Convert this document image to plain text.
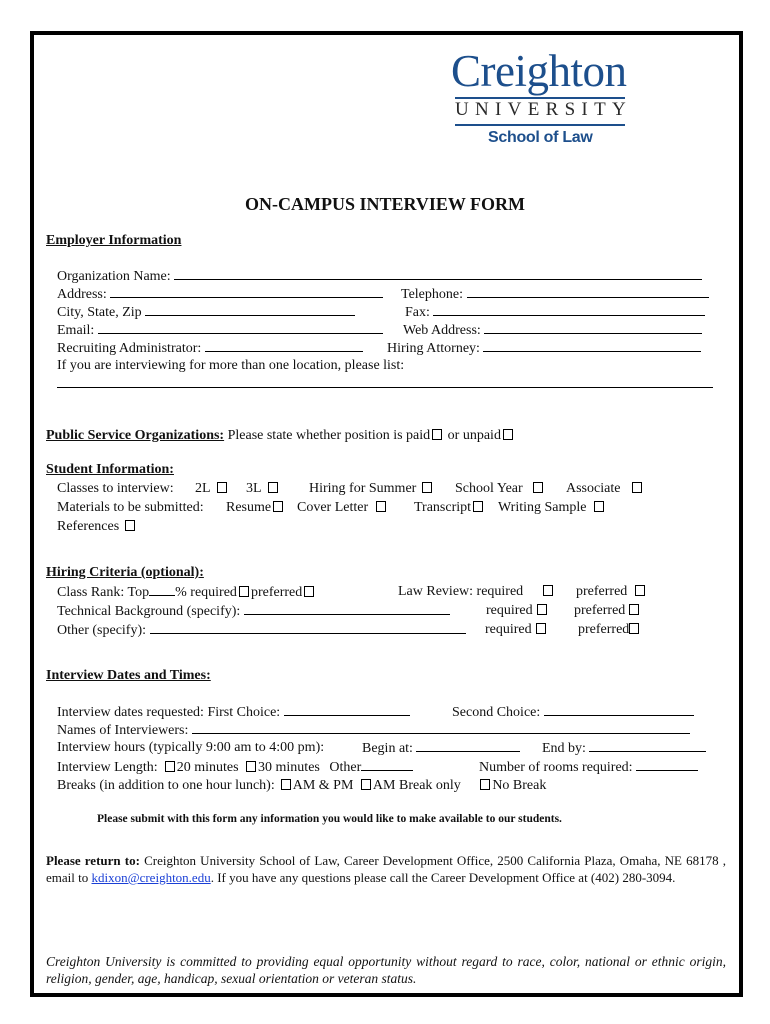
Creighton
UNIVERSITY
School of Law
ON-CAMPUS INTERVIEW FORM
Employer Information
Organization Name:
Address:	Telephone:
City, State, Zip	Fax:
Email:	Web Address:
Recruiting Administrator:	Hiring Attorney:
If you are interviewing for more than one location, please list:
Public Service Organizations: Please state whether position is paid or unpaid
Student Information:
Classes to interview: 2L	3L	Hiring for Summer	School Year	Associate
Materials to be submitted: Resume	Cover Letter	Transcript	Writing Sample
References
Hiring Criteria (optional):
Class Rank: Top % required preferred	Law Review: required	preferred
Technical Background (specify):	required	preferred
Other (specify):	required	preferred
Interview Dates and Times:
Interview dates requested: First Choice:	Second Choice:
Names of Interviewers:
Interview hours (typically 9:00 am to 4:00 pm):	Begin at:	End by:
Interview Length: 20 minutes 30 minutes Other	Number of rooms required:
Breaks (in addition to one hour lunch): AM & PM AM Break only No Break
Please submit with this form any information you would like to make available to our students.
Please return to: Creighton University School of Law, Career Development Office, 2500 California Plaza, Omaha, NE 68178 , email to kdixon@creighton.edu. If you have any questions please call the Career Development Office at (402) 280-3094.
Creighton University is committed to providing equal opportunity without regard to race, color, national or ethnic origin, religion, gender, age, handicap, sexual orientation or veteran status.
